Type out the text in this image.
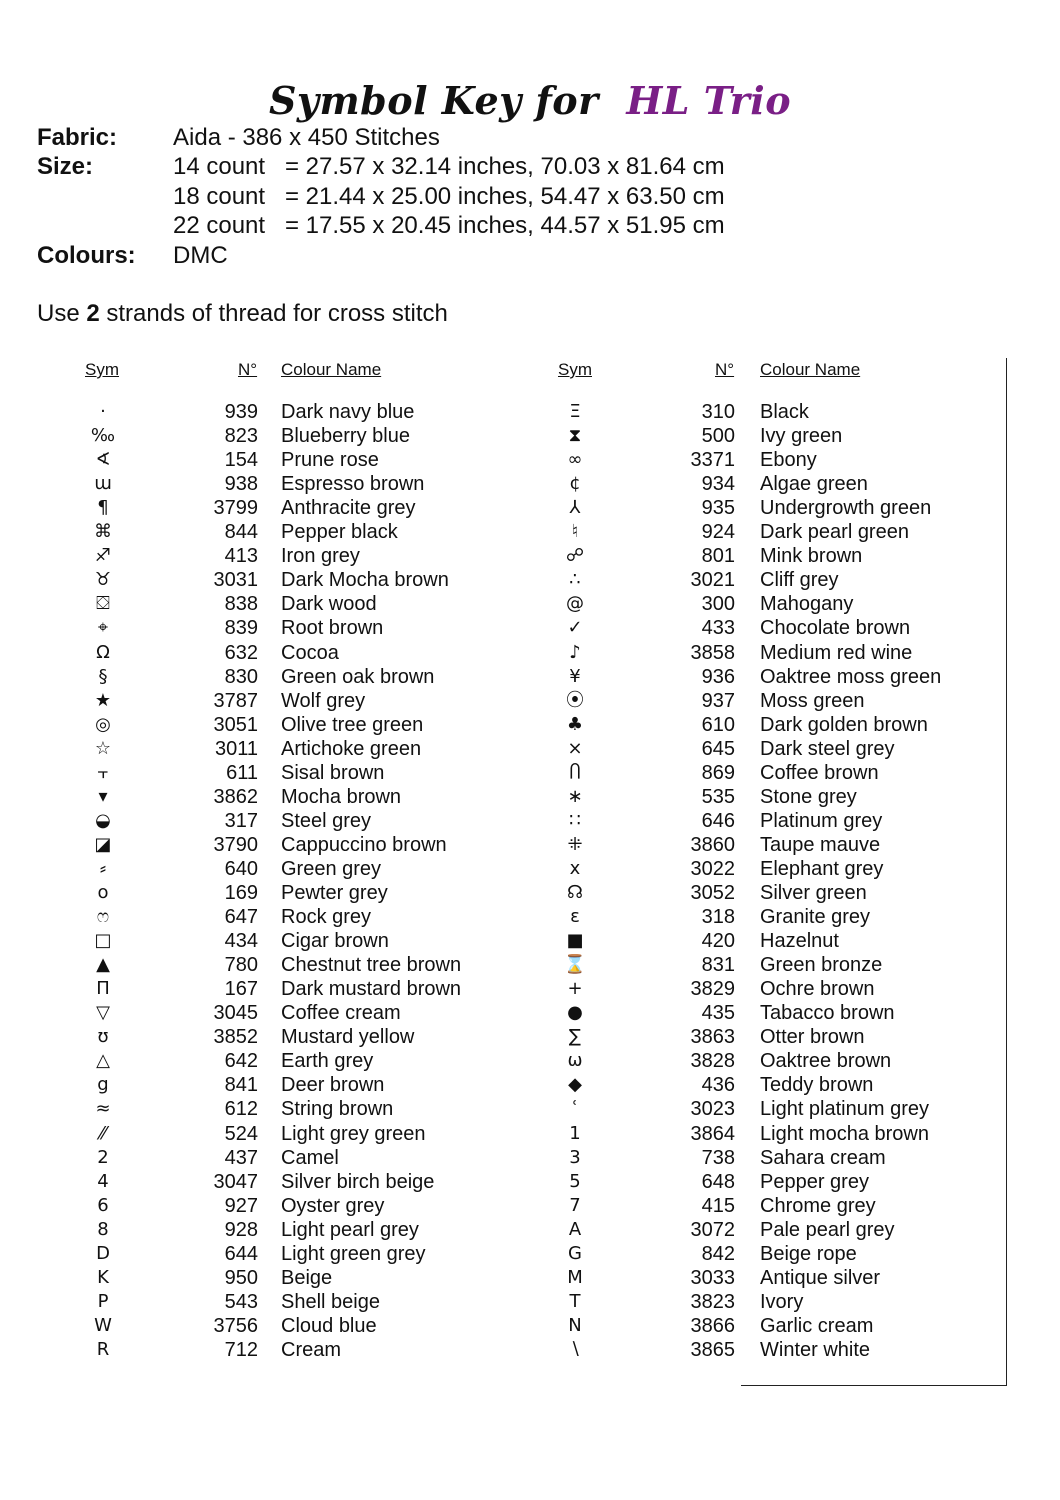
Symbol Key for HL Trio
Fabric: Aida - 386 x 450 Stitches
Size:	14 count = 27.57 x 32.14 inches, 70.03 x 81.64 cm
18 count = 21.44 x 25.00 inches, 54.47 x 63.50 cm
22 count = 17.55 x 20.45 inches, 44.57 x 51.95 cm
Colours: DMC
Use 2 strands of thread for cross stitch
Sym	N° Colour Name	Sym	N° Colour Name
·	939 Dark navy blue
‰	823 Blueberry blue
∢	154 Prune rose
ɯ	938 Espresso brown
¶	3799 Anthracite grey
⌘	844 Pepper black
♐	413 Iron grey
♉	3031 Dark Mocha brown
⛋	838 Dark wood
⌖	839 Root brown
Ω	632 Cocoa
§	830 Green oak brown
★	3787 Wolf grey
◎	3051 Olive tree green
☆	3011 Artichoke green
⫟	611 Sisal brown
▾	3862 Mocha brown
◒	317 Steel grey
◪	3790 Cappuccino brown
⸗	640 Green grey
o	169 Pewter grey
ෆ	647 Rock grey
□	434 Cigar brown
▲	780 Chestnut tree brown
Π	167 Dark mustard brown
▽	3045 Coffee cream
ʊ	3852 Mustard yellow
△	642 Earth grey
g	841 Deer brown
≈	612 String brown
⁄⁄	524 Light grey green
2	437 Camel
4	3047 Silver birch beige
6	927 Oyster grey
8	928 Light pearl grey
D	644 Light green grey
K	950 Beige
P	543 Shell beige
W	3756 Cloud blue
R	712 Cream
Ξ	310 Black
⧗	500 Ivy green
∞	3371 Ebony
¢	934 Algae green
⅄	935 Undergrowth green
♮	924 Dark pearl green
☍	801 Mink brown
∴	3021 Cliff grey
@	300 Mahogany
✓	433 Chocolate brown
♪	3858 Medium red wine
¥	936 Oaktree moss green
⦿	937 Moss green
♣	610 Dark golden brown
⨯	645 Dark steel grey
Ⴖ	869 Coffee brown
∗	535 Stone grey
∷	646 Platinum grey
⁜	3860 Taupe mauve
x	3022 Elephant grey
☊	3052 Silver green
ε	318 Granite grey
■	420 Hazelnut
⌛	831 Green bronze
+	3829 Ochre brown
●	435 Tabacco brown
∑	3863 Otter brown
ω	3828 Oaktree brown
◆	436 Teddy brown
ʿ	3023 Light platinum grey
1	3864 Light mocha brown
3	738 Sahara cream
5	648 Pepper grey
7	415 Chrome grey
A	3072 Pale pearl grey
G	842 Beige rope
M	3033 Antique silver
T	3823 Ivory
N	3866 Garlic cream
∖	3865 Winter white
